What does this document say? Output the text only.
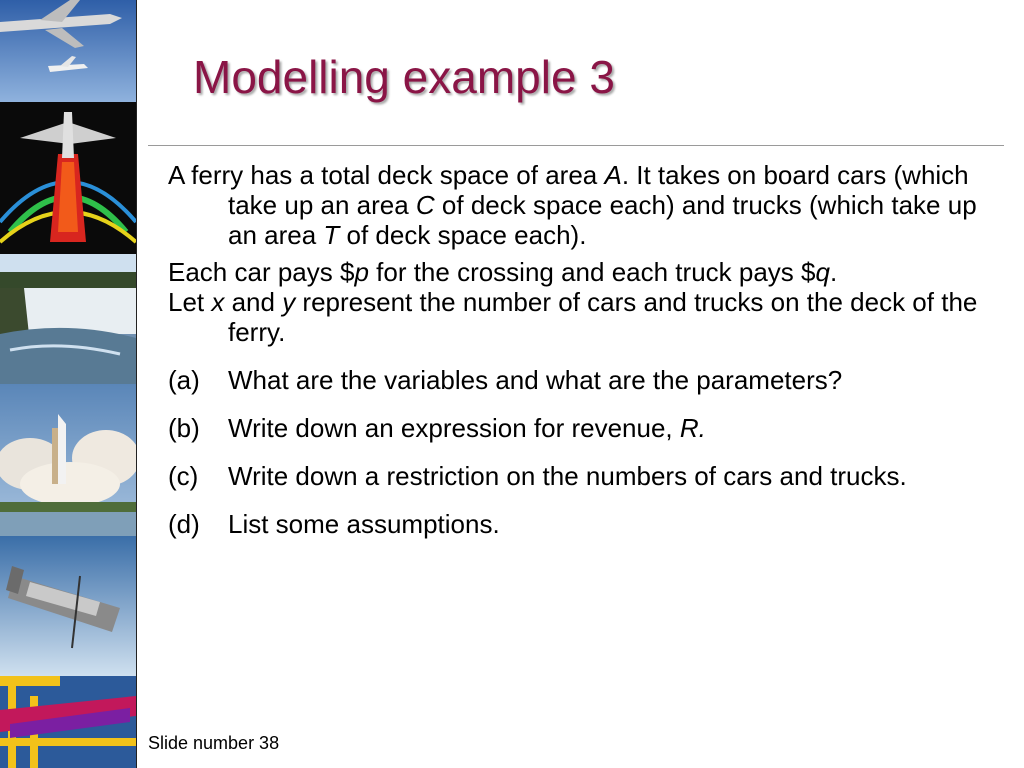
Modelling example 3

A ferry has a total deck space of area A. It takes on board cars (which take up an area C of deck space each) and trucks (which take up an area T of deck space each).

Each car pays $p for the crossing and each truck pays $q.

Let x and y represent the number of cars and trucks on the deck of the ferry.

(a)	What are the variables and what are the parameters?
(b)	Write down an expression for revenue, R.
(c)	Write down a restriction on the numbers of cars and trucks.
(d)	List some assumptions.
Slide number 38
